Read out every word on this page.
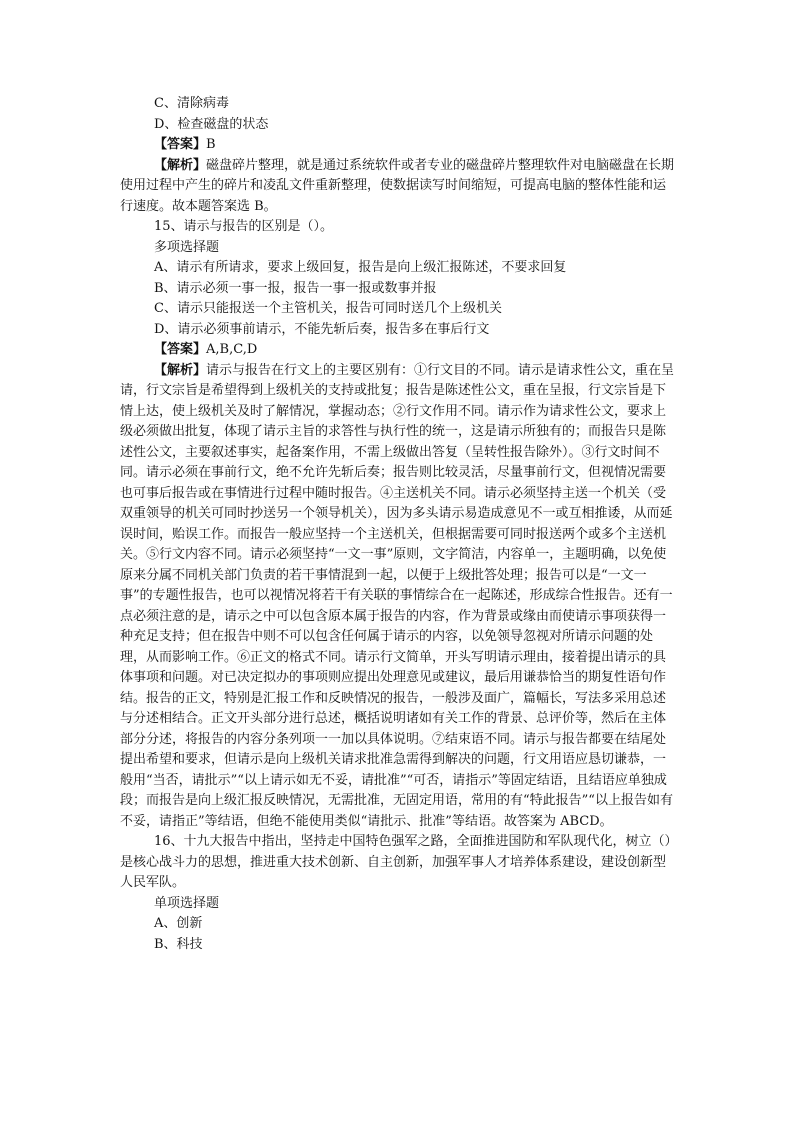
C、清除病毒

D、检查磁盘的状态

【答案】B

【解析】磁盘碎片整理，就是通过系统软件或者专业的磁盘碎片整理软件对电脑磁盘在长期使用过程中产生的碎片和凌乱文件重新整理，使数据读写时间缩短，可提高电脑的整体性能和运行速度。故本题答案选 B。

15、请示与报告的区别是（）。

多项选择题

A、请示有所请求，要求上级回复，报告是向上级汇报陈述，不要求回复

B、请示必须一事一报，报告一事一报或数事并报

C、请示只能报送一个主管机关，报告可同时送几个上级机关

D、请示必须事前请示，不能先斩后奏，报告多在事后行文

【答案】A,B,C,D

【解析】请示与报告在行文上的主要区别有：①行文目的不同。请示是请求性公文，重在呈请，行文宗旨是希望得到上级机关的支持或批复；报告是陈述性公文，重在呈报，行文宗旨是下情上达，使上级机关及时了解情况，掌握动态；②行文作用不同。请示作为请求性公文，要求上级必须做出批复，体现了请示主旨的求答性与执行性的统一，这是请示所独有的；而报告只是陈述性公文，主要叙述事实，起备案作用，不需上级做出答复（呈转性报告除外）。③行文时间不同。请示必须在事前行文，绝不允许先斩后奏；报告则比较灵活，尽量事前行文，但视情况需要也可事后报告或在事情进行过程中随时报告。④主送机关不同。请示必须坚持主送一个机关（受双重领导的机关可同时抄送另一个领导机关），因为多头请示易造成意见不一或互相推诿，从而延误时间，贻误工作。而报告一般应坚持一个主送机关，但根据需要可同时报送两个或多个主送机关。⑤行文内容不同。请示必须坚持“一文一事”原则，文字简洁，内容单一，主题明确，以免使原来分属不同机关部门负责的若干事情混到一起，以便于上级批答处理；报告可以是“一文一事”的专题性报告，也可以视情况将若干有关联的事情综合在一起陈述，形成综合性报告。还有一点必须注意的是，请示之中可以包含原本属于报告的内容，作为背景或缘由而使请示事项获得一种充足支持；但在报告中则不可以包含任何属于请示的内容，以免领导忽视对所请示问题的处理，从而影响工作。⑥正文的格式不同。请示行文简单，开头写明请示理由，接着提出请示的具体事项和问题。对已决定拟办的事项则应提出处理意见或建议，最后用谦恭恰当的期复性语句作结。报告的正文，特别是汇报工作和反映情况的报告，一般涉及面广，篇幅长，写法多采用总述与分述相结合。正文开头部分进行总述，概括说明诸如有关工作的背景、总评价等，然后在主体部分分述，将报告的内容分条列项一一加以具体说明。⑦结束语不同。请示与报告都要在结尾处提出希望和要求，但请示是向上级机关请求批准急需得到解决的问题，行文用语应恳切谦恭，一般用“当否，请批示”“以上请示如无不妥，请批准”“可否，请指示”等固定结语，且结语应单独成段；而报告是向上级汇报反映情况，无需批准，无固定用语，常用的有“特此报告”“以上报告如有不妥，请指正”等结语，但绝不能使用类似“请批示、批准”等结语。故答案为 ABCD。

16、十九大报告中指出，坚持走中国特色强军之路，全面推进国防和军队现代化，树立（）是核心战斗力的思想，推进重大技术创新、自主创新，加强军事人才培养体系建设，建设创新型人民军队。

单项选择题

A、创新

B、科技
